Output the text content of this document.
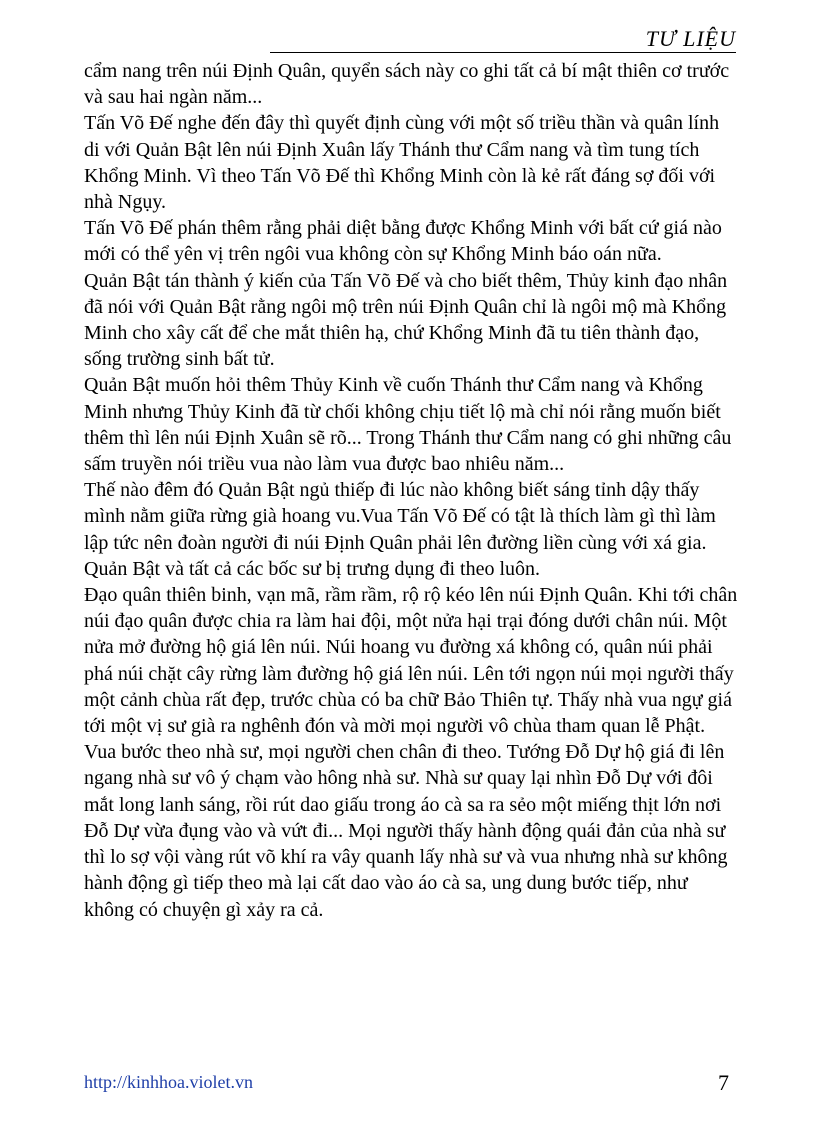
TƯ LIỆU

cẩm nang trên núi Định Quân, quyển sách này co ghi tất cả bí mật thiên cơ trước và sau hai ngàn năm...

Tấn Võ Đế nghe đến đây thì quyết định cùng với một số triều thần và quân lính di với Quản Bật lên núi Định Xuân lấy Thánh thư Cẩm nang và tìm tung tích Khổng Minh. Vì theo Tấn Võ Đế thì Khổng Minh còn là kẻ rất đáng sợ đối với nhà Ngụy.

Tấn Võ Đế phán thêm rằng phải diệt bằng được Khổng Minh với bất cứ giá nào mới có thể yên vị trên ngôi vua không còn sự Khổng Minh báo oán nữa.

Quản Bật tán thành ý kiến của Tấn Võ Đế và cho biết thêm, Thủy kinh đạo nhân đã nói với Quản Bật rằng ngôi mộ trên núi Định Quân chỉ là ngôi mộ mà Khổng Minh cho xây cất để che mắt thiên hạ, chứ Khổng Minh đã tu tiên thành đạo, sống trường sinh bất tử.

Quản Bật muốn hỏi thêm Thủy Kinh về cuốn Thánh thư Cẩm nang và Khổng Minh nhưng Thủy Kinh đã từ chối không chịu tiết lộ mà chỉ nói rằng muốn biết thêm thì lên núi Định Xuân sẽ rõ... Trong Thánh thư Cẩm nang có ghi những câu sấm truyền nói triều vua nào làm vua được bao nhiêu năm...

Thế nào đêm đó Quản Bật ngủ thiếp đi lúc nào không biết sáng tỉnh dậy thấy mình nằm giữa rừng già hoang vu.Vua Tấn Võ Đế có tật là thích làm gì thì làm lập tức nên đoàn người đi núi Định Quân phải lên đường liền cùng với xá gia. Quản Bật và tất cả các bốc sư bị trưng dụng đi theo luôn.

Đạo quân thiên binh, vạn mã, rầm rầm, rộ rộ kéo lên núi Định Quân. Khi tới chân núi đạo quân được chia ra làm hai đội, một nửa hại trại đóng dưới chân núi. Một nửa mở đường hộ giá lên núi. Núi hoang vu đường xá không có, quân núi phải phá núi chặt cây rừng làm đường hộ giá lên núi. Lên tới ngọn núi mọi người thấy một cảnh chùa rất đẹp, trước chùa có ba chữ Bảo Thiên tự. Thấy nhà vua ngự giá tới một vị sư già ra nghênh đón và mời mọi người vô chùa tham quan lễ Phật.

Vua bước theo nhà sư, mọi người chen chân đi theo. Tướng Đỗ Dự hộ giá đi lên ngang nhà sư vô ý chạm vào hông nhà sư. Nhà sư quay lại nhìn Đỗ Dự với đôi mắt long lanh sáng, rồi rút dao giấu trong áo cà sa ra sẻo một miếng thịt lớn nơi Đỗ Dự vừa đụng vào và vứt đi... Mọi người thấy hành động quái đản của nhà sư thì lo sợ vội vàng rút võ khí ra vây quanh lấy nhà sư và vua nhưng nhà sư không hành động gì tiếp theo mà lại cất dao vào áo cà sa, ung dung bước tiếp, như không có chuyện gì xảy ra cả.

http://kinhhoa.violet.vn	7
